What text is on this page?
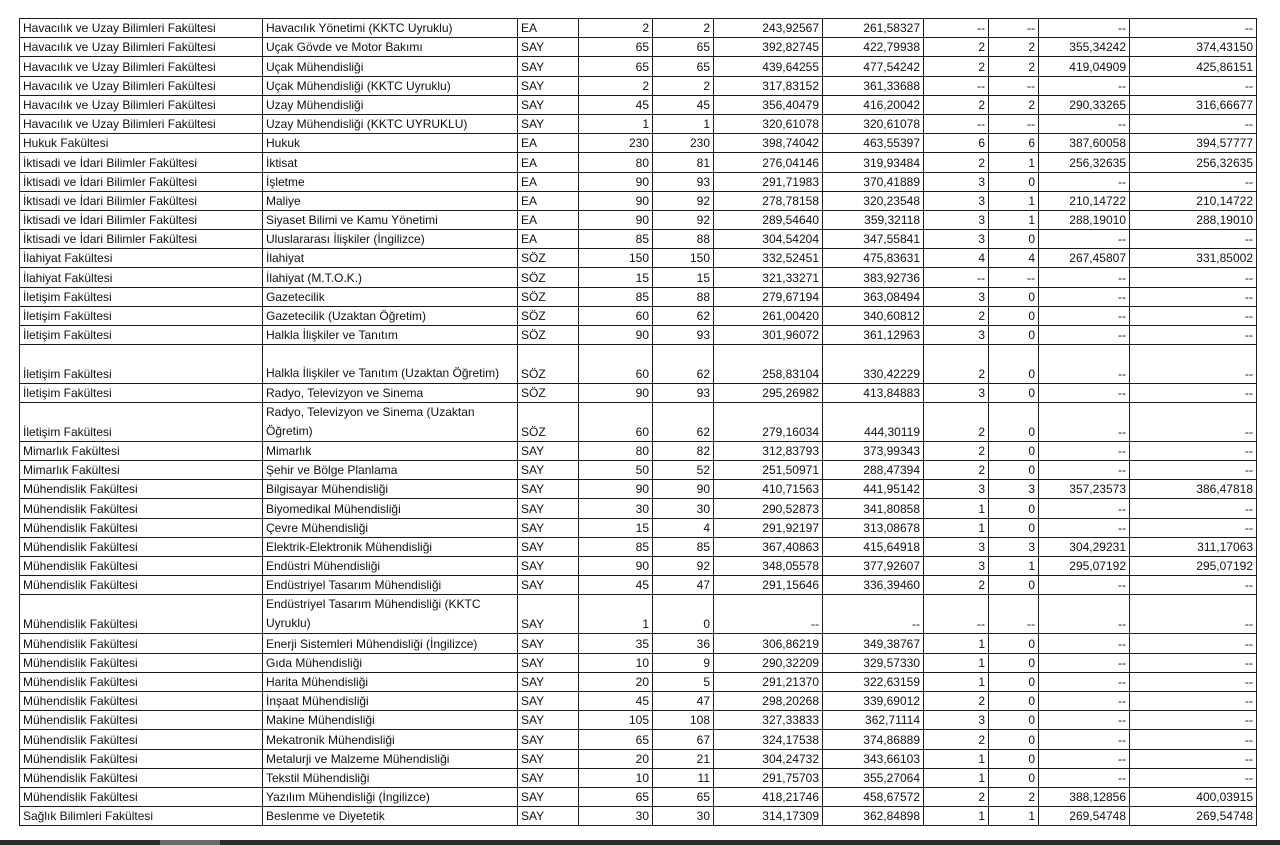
Havacılık ve Uzay Bilimleri Fakültesi	Havacılık Yönetimi (KKTC Uyruklu)	EA	2	2	243,92567	261,58327	--	--	--	--
Havacılık ve Uzay Bilimleri Fakültesi	Uçak Gövde ve Motor Bakımı	SAY	65	65	392,82745	422,79938	2	2	355,34242	374,43150
Havacılık ve Uzay Bilimleri Fakültesi	Uçak Mühendisliği	SAY	65	65	439,64255	477,54242	2	2	419,04909	425,86151
Havacılık ve Uzay Bilimleri Fakültesi	Uçak Mühendisliği (KKTC Uyruklu)	SAY	2	2	317,83152	361,33688	--	--	--	--
Havacılık ve Uzay Bilimleri Fakültesi	Uzay Mühendisliği	SAY	45	45	356,40479	416,20042	2	2	290,33265	316,66677
Havacılık ve Uzay Bilimleri Fakültesi	Uzay Mühendisliği (KKTC UYRUKLU)	SAY	1	1	320,61078	320,61078	--	--	--	--
Hukuk Fakültesi	Hukuk	EA	230	230	398,74042	463,55397	6	6	387,60058	394,57777
İktisadi ve İdari Bilimler Fakültesi	İktisat	EA	80	81	276,04146	319,93484	2	1	256,32635	256,32635
İktisadi ve İdari Bilimler Fakültesi	İşletme	EA	90	93	291,71983	370,41889	3	0	--	--
İktisadi ve İdari Bilimler Fakültesi	Maliye	EA	90	92	278,78158	320,23548	3	1	210,14722	210,14722
İktisadi ve İdari Bilimler Fakültesi	Siyaset Bilimi ve Kamu Yönetimi	EA	90	92	289,54640	359,32118	3	1	288,19010	288,19010
İktisadi ve İdari Bilimler Fakültesi	Uluslararası İlişkiler (İngilizce)	EA	85	88	304,54204	347,55841	3	0	--	--
İlahiyat Fakültesi	İlahiyat	SÖZ	150	150	332,52451	475,83631	4	4	267,45807	331,85002
İlahiyat Fakültesi	İlahiyat (M.T.O.K.)	SÖZ	15	15	321,33271	383,92736	--	--	--	--
İletişim Fakültesi	Gazetecilik	SÖZ	85	88	279,67194	363,08494	3	0	--	--
İletişim Fakültesi	Gazetecilik (Uzaktan Öğretim)	SÖZ	60	62	261,00420	340,60812	2	0	--	--
İletişim Fakültesi	Halkla İlişkiler ve Tanıtım	SÖZ	90	93	301,96072	361,12963	3	0	--	--
İletişim Fakültesi	Halkla İlişkiler ve Tanıtım (Uzaktan Öğretim)	SÖZ	60	62	258,83104	330,42229	2	0	--	--
İletişim Fakültesi	Radyo, Televizyon ve Sinema	SÖZ	90	93	295,26982	413,84883	3	0	--	--
İletişim Fakültesi	Radyo, Televizyon ve Sinema (Uzaktan Öğretim)	SÖZ	60	62	279,16034	444,30119	2	0	--	--
Mimarlık Fakültesi	Mimarlık	SAY	80	82	312,83793	373,99343	2	0	--	--
Mimarlık Fakültesi	Şehir ve Bölge Planlama	SAY	50	52	251,50971	288,47394	2	0	--	--
Mühendislik Fakültesi	Bilgisayar Mühendisliği	SAY	90	90	410,71563	441,95142	3	3	357,23573	386,47818
Mühendislik Fakültesi	Biyomedikal Mühendisliği	SAY	30	30	290,52873	341,80858	1	0	--	--
Mühendislik Fakültesi	Çevre Mühendisliği	SAY	15	4	291,92197	313,08678	1	0	--	--
Mühendislik Fakültesi	Elektrik-Elektronik Mühendisliği	SAY	85	85	367,40863	415,64918	3	3	304,29231	311,17063
Mühendislik Fakültesi	Endüstri Mühendisliği	SAY	90	92	348,05578	377,92607	3	1	295,07192	295,07192
Mühendislik Fakültesi	Endüstriyel Tasarım Mühendisliği	SAY	45	47	291,15646	336,39460	2	0	--	--
Mühendislik Fakültesi	Endüstriyel Tasarım Mühendisliği (KKTC Uyruklu)	SAY	1	0	--	--	--	--	--	--
Mühendislik Fakültesi	Enerji Sistemleri Mühendisliği (İngilizce)	SAY	35	36	306,86219	349,38767	1	0	--	--
Mühendislik Fakültesi	Gıda Mühendisliği	SAY	10	9	290,32209	329,57330	1	0	--	--
Mühendislik Fakültesi	Harita Mühendisliği	SAY	20	5	291,21370	322,63159	1	0	--	--
Mühendislik Fakültesi	İnşaat Mühendisliği	SAY	45	47	298,20268	339,69012	2	0	--	--
Mühendislik Fakültesi	Makine Mühendisliği	SAY	105	108	327,33833	362,71114	3	0	--	--
Mühendislik Fakültesi	Mekatronik Mühendisliği	SAY	65	67	324,17538	374,86889	2	0	--	--
Mühendislik Fakültesi	Metalurji ve Malzeme Mühendisliği	SAY	20	21	304,24732	343,66103	1	0	--	--
Mühendislik Fakültesi	Tekstil Mühendisliği	SAY	10	11	291,75703	355,27064	1	0	--	--
Mühendislik Fakültesi	Yazılım Mühendisliği (İngilizce)	SAY	65	65	418,21746	458,67572	2	2	388,12856	400,03915
Sağlık Bilimleri Fakültesi	Beslenme ve Diyetetik	SAY	30	30	314,17309	362,84898	1	1	269,54748	269,54748
